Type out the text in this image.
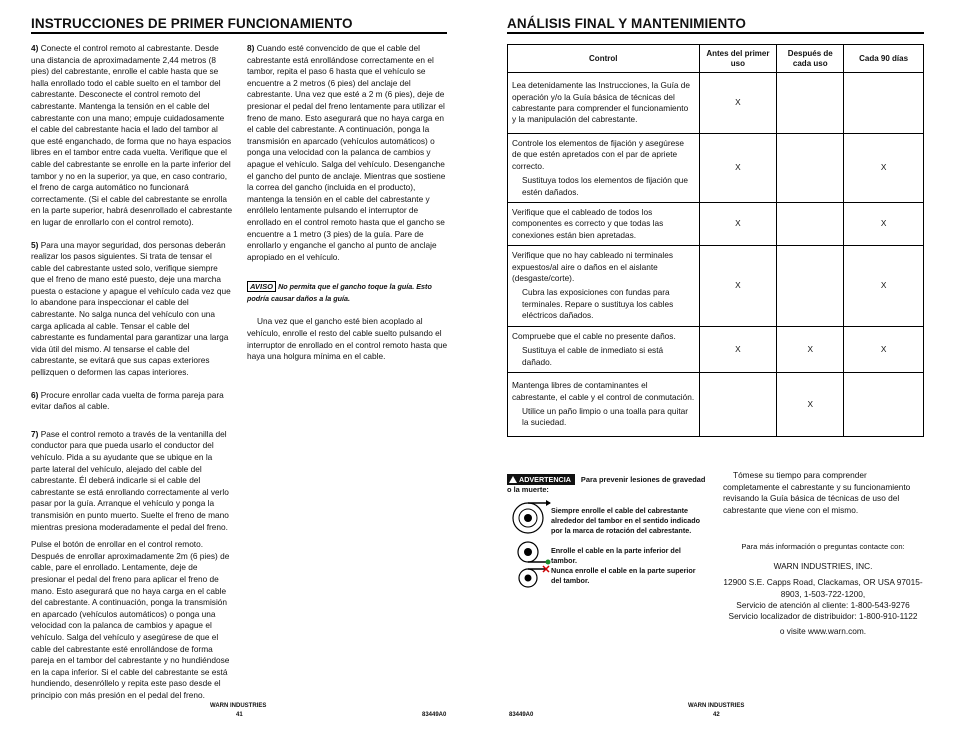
INSTRUCCIONES DE PRIMER FUNCIONAMIENTO

4) Conecte el control remoto al cabrestante. Desde una distancia de aproximadamente 2,44 metros (8 pies) del cabrestante, enrolle el cable hasta que se halla enrollado todo el cable suelto en el tambor del cabrestante. Desconecte el control remoto del cabrestante. Mantenga la tensión en el cable del cabrestante con una mano; empuje cuidadosamente el cable del cabrestante hacia el lado del tambor al que esté enganchado, de forma que no haya espacios libres en el tambor entre cada vuelta. Verifique que el cable del cabrestante se enrolle en la parte inferior del tambor y no en la superior, ya que, en caso contrario, el freno de carga automático no funcionará correctamente. (Si el cable del cabrestante se enrolla en la parte superior, habrá desenrollado el cabrestante en lugar de enrollarlo con el control remoto).

5) Para una mayor seguridad, dos personas deberán realizar los pasos siguientes. Si trata de tensar el cable del cabrestante usted solo, verifique siempre que el freno de mano esté puesto, deje una marcha puesta o estacione y apague el vehículo cada vez que lo abandone para inspeccionar el cable del cabrestante. No salga nunca del vehículo con una carga aplicada al cable. Tensar el cable del cabrestante es fundamental para garantizar una larga vida útil del mismo. Al tensarse el cable del cabrestante, se evitará que sus capas exteriores pellizquen o deformen las capas interiores.

6) Procure enrollar cada vuelta de forma pareja para evitar daños al cable.

7) Pase el control remoto a través de la ventanilla del conductor para que pueda usarlo el conductor del vehículo. Pida a su ayudante que se ubique en la parte lateral del vehículo, alejado del cable del cabrestante. Él deberá indicarle si el cable del cabrestante se está enrollando correctamente al verlo pasar por la guía. Arranque el vehículo y ponga la transmisión en punto muerto. Suelte el freno de mano mientras presiona moderadamente el pedal del freno.

Pulse el botón de enrollar en el control remoto. Después de enrollar aproximadamente 2m (6 pies) de cable, pare el enrollado. Lentamente, deje de presionar el pedal del freno para aplicar el freno de mano. Esto asegurará que no haya carga en el cable del cabrestante. A continuación, ponga la transmisión en aparcado (vehículos automáticos) o ponga una velocidad con la palanca de cambios y apague el vehículo. Salga del vehículo y asegúrese de que el cable del cabrestante esté enrollándose de forma pareja en el tambor del cabrestante y no hundiéndose en la capa inferior. Si el cable del cabrestante se está hundiendo, desenróllelo y repita este paso desde el principio con más presión en el pedal del freno.

8) Cuando esté convencido de que el cable del cabrestante está enrollándose correctamente en el tambor, repita el paso 6 hasta que el vehículo se encuentre a 2 metros (6 pies) del anclaje del cabrestante. Una vez que esté a 2 m (6 pies), deje de presionar el pedal del freno lentamente para utilizar el freno de mano. Esto asegurará que no haya carga en el cable del cabrestante. A continuación, ponga la transmisión en aparcado (vehículos automáticos) o ponga una velocidad con la palanca de cambios y apague el vehículo. Salga del vehículo. Desenganche el gancho del punto de anclaje. Mientras que sostiene la correa del gancho (incluida en el producto), mantenga la tensión en el cable del cabrestante y enróllelo lentamente pulsando el interruptor de enrollado en el control remoto hasta que el gancho se encuentre a 1 metro (3 pies) de la guía. Pare de enrollarlo y enganche el gancho al punto de anclaje apropiado en el vehículo.

AVISO No permita que el gancho toque la guía. Esto podría causar daños a la guía.

Una vez que el gancho esté bien acoplado al vehículo, enrolle el resto del cable suelto pulsando el interruptor de enrollado en el control remoto hasta que haya una holgura mínima en el cable.

WARN INDUSTRIES
41	83449A0
ANÁLISIS FINAL Y MANTENIMIENTO
Control	Antes del primer uso	Después de cada uso	Cada 90 días

Lea detenidamente las Instrucciones, la Guía de operación y/o la Guía básica de técnicas del cabrestante para comprender el funcionamiento y la manipulación del cabrestante.	X		

Controle los elementos de fijación y asegúrese de que estén apretados con el par de apriete correcto.
Sustituya todos los elementos de fijación que estén dañados.	X		X

Verifique que el cableado de todos los componentes es correcto y que todas las conexiones están bien apretadas.	X		X

Verifique que no hay cableado ni terminales expuestos/al aire o daños en el aislante (desgaste/corte).
Cubra las exposiciones con fundas para terminales. Repare o sustituya los cables eléctricos dañados.	X		X

Compruebe que el cable no presente daños.
Sustituya el cable de inmediato si está dañado.	X	X	X

Mantenga libres de contaminantes el cabrestante, el cable y el control de conmutación.
Utilice un paño limpio o una toalla para quitar la suciedad.		X	
ADVERTENCIA Para prevenir lesiones de gravedad o la muerte:
Siempre enrolle el cable del cabrestante alrededor del tambor en el sentido indicado por la marca de rotación del cabrestante.
Enrolle el cable en la parte inferior del tambor.
Nunca enrolle el cable en la parte superior del tambor.
Tómese su tiempo para comprender completamente el cabrestante y su funcionamiento revisando la Guía básica de técnicas de uso del cabrestante que viene con el mismo.
Para más información o preguntas contacte con:
WARN INDUSTRIES, INC.
12900 S.E. Capps Road, Clackamas, OR USA 97015-8903, 1-503-722-1200,
Servicio de atención al cliente: 1-800-543-9276
Servicio localizador de distribuidor: 1-800-910-1122
o visite www.warn.com.
83449A0
WARN INDUSTRIES
42
